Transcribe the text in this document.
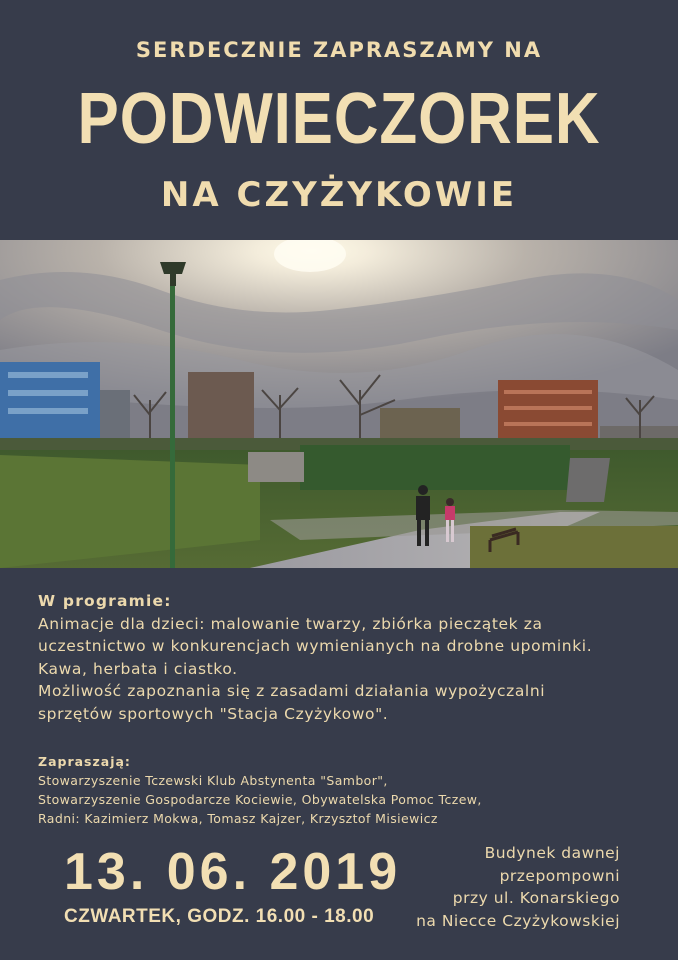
SERDECZNIE ZAPRASZAMY NA
PODWIECZOREK
NA CZYŻYKOWIE

W programie:

Animacje dla dzieci: malowanie twarzy, zbiórka pieczątek za

uczestnictwo w konkurencjach wymienianych na drobne upominki.

Kawa, herbata i ciastko.

Możliwość zapoznania się z zasadami działania wypożyczalni

sprzętów sportowych "Stacja Czyżykowo".

Zapraszają:

Stowarzyszenie Tczewski Klub Abstynenta "Sambor",

Stowarzyszenie Gospodarcze Kociewie, Obywatelska Pomoc Tczew,

Radni: Kazimierz Mokwa, Tomasz Kajzer, Krzysztof Misiewicz

13. 06. 2019
CZWARTEK, GODZ. 16.00 - 18.00

Budynek dawnej

przepompowni

przy ul. Konarskiego

na Niecce Czyżykowskiej
